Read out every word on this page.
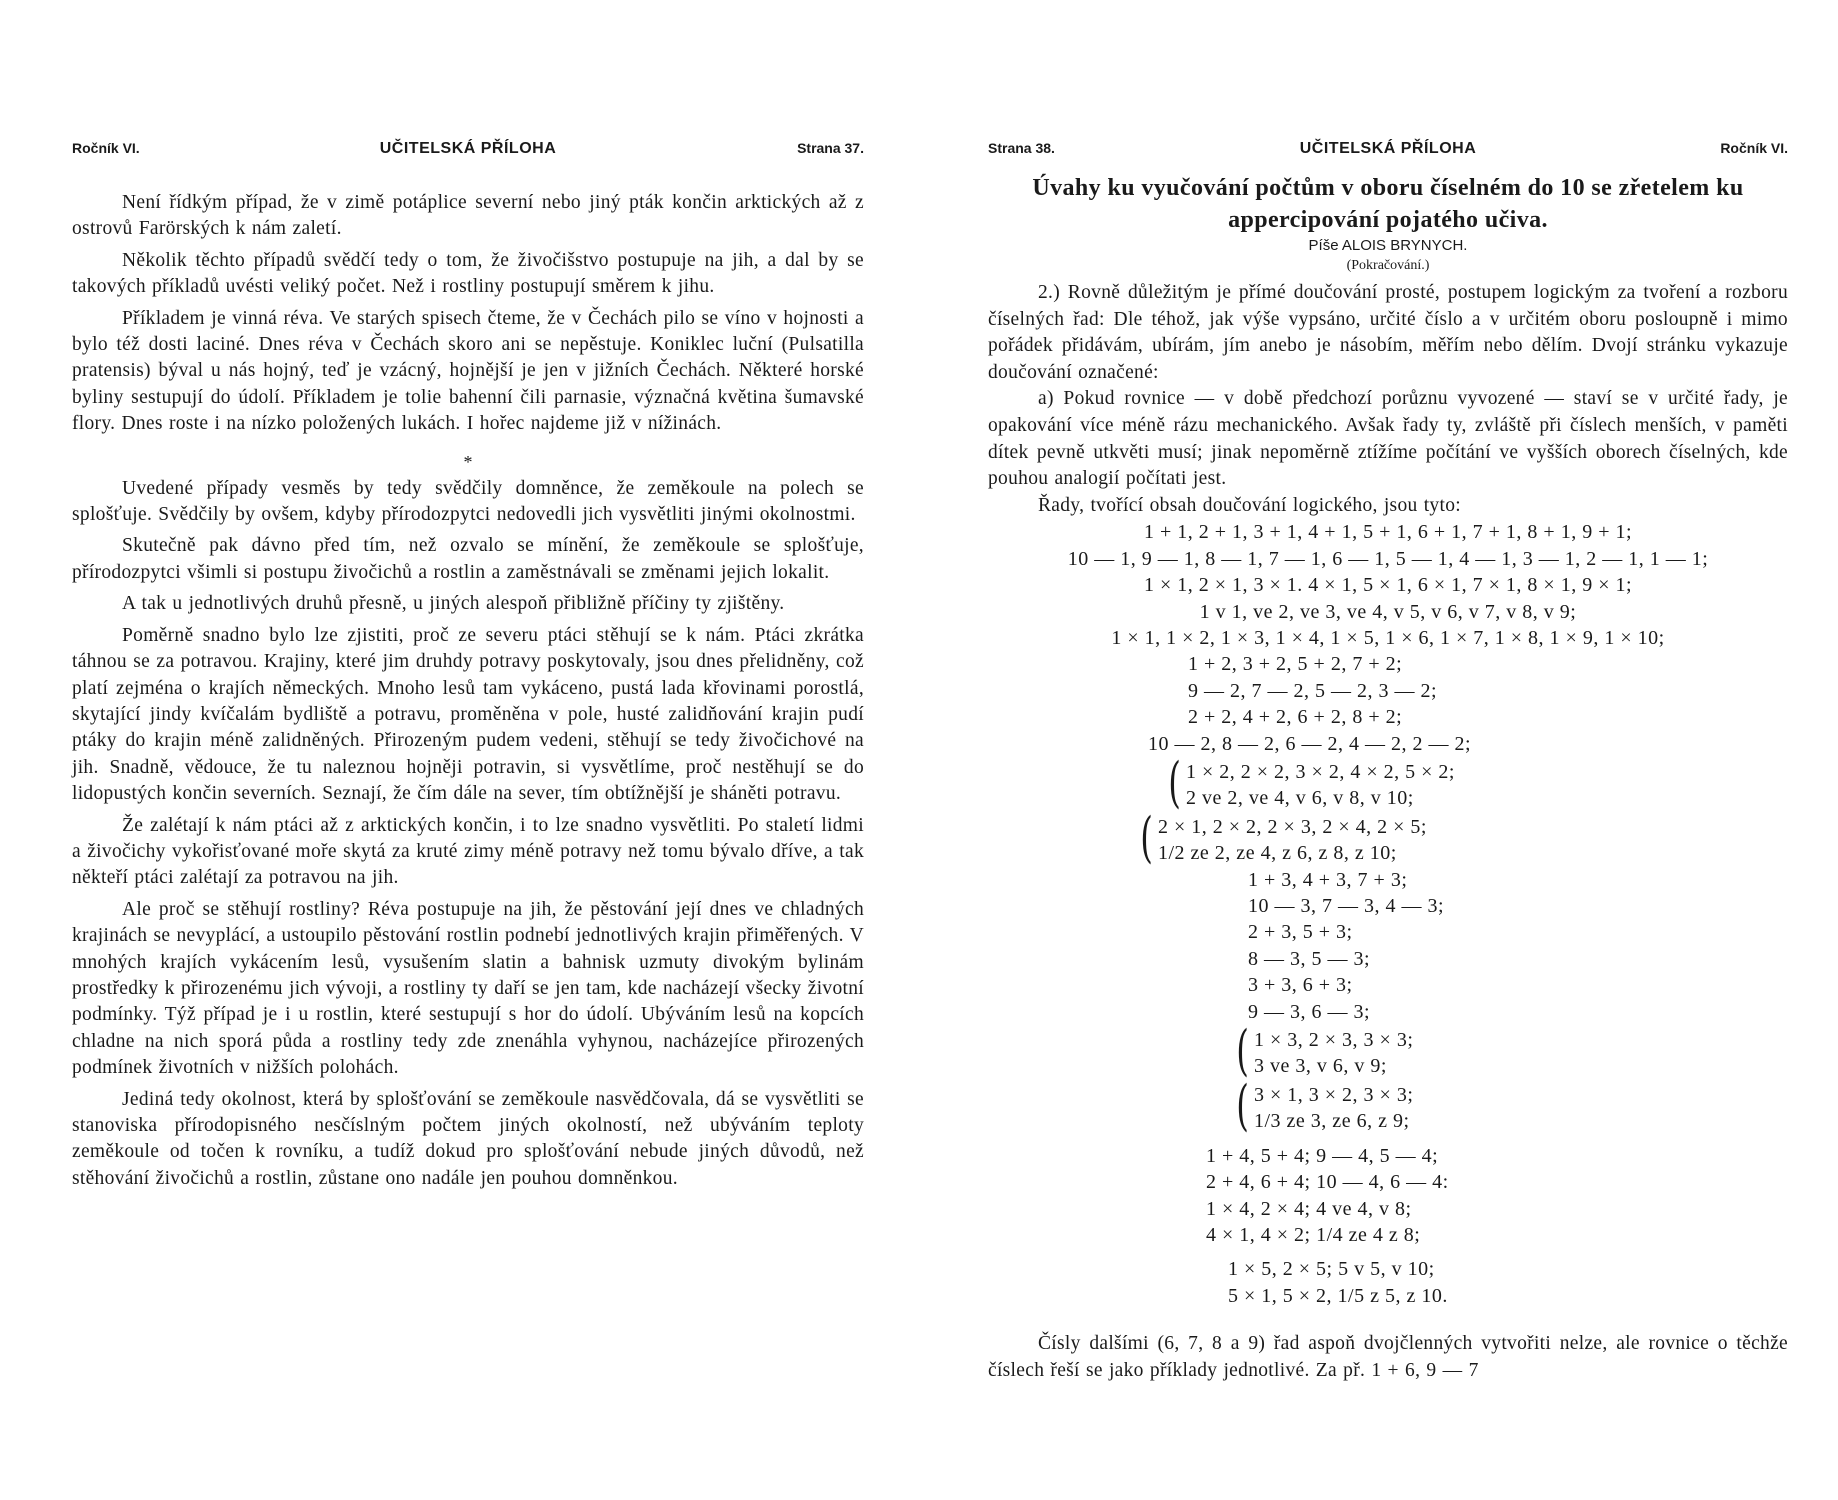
Ročník VI.	UČITELSKÁ PŘÍLOHA	Strana 37.

Není řídkým případ, že v zimě potáplice severní nebo jiný pták končin arktických až z ostrovů Farörských k nám zaletí.

Několik těchto případů svědčí tedy o tom, že živočišstvo postupuje na jih, a dal by se takových příkladů uvésti veliký počet. Než i rostliny postupují směrem k jihu.

Příkladem je vinná réva. Ve starých spisech čteme, že v Čechách pilo se víno v hojnosti a bylo též dosti laciné. Dnes réva v Čechách skoro ani se nepěstuje. Koniklec luční (Pulsatilla pratensis) býval u nás hojný, teď je vzácný, hojnější je jen v jižních Čechách. Některé horské byliny sestupují do údolí. Příkladem je tolie bahenní čili parnasie, význačná květina šumavské flory. Dnes roste i na nízko položených lukách. I hořec najdeme již v nížinách.

*

Uvedené případy vesměs by tedy svědčily domněnce, že zeměkoule na polech se splošťuje. Svědčily by ovšem, kdyby přírodozpytci nedovedli jich vysvětliti jinými okolnostmi.

Skutečně pak dávno před tím, než ozvalo se mínění, že zeměkoule se splošťuje, přírodozpytci všimli si postupu živočichů a rostlin a zaměstnávali se změnami jejich lokalit.

A tak u jednotlivých druhů přesně, u jiných alespoň přibližně příčiny ty zjištěny.

Poměrně snadno bylo lze zjistiti, proč ze severu ptáci stěhují se k nám. Ptáci zkrátka táhnou se za potravou. Krajiny, které jim druhdy potravy poskytovaly, jsou dnes přelidněny, což platí zejména o krajích německých. Mnoho lesů tam vykáceno, pustá lada křovinami porostlá, skytající jindy kvíčalám bydliště a potravu, proměněna v pole, husté zalidňování krajin pudí ptáky do krajin méně zalidněných. Přirozeným pudem vedeni, stěhují se tedy živočichové na jih. Snadně, vědouce, že tu naleznou hojněji potravin, si vysvětlíme, proč nestěhují se do lidopustých končin severních. Seznají, že čím dále na sever, tím obtížnější je sháněti potravu.

Že zalétají k nám ptáci až z arktických končin, i to lze snadno vysvětliti. Po staletí lidmi a živočichy vykořisťované moře skytá za kruté zimy méně potravy než tomu bývalo dříve, a tak někteří ptáci zalétají za potravou na jih.

Ale proč se stěhují rostliny? Réva postupuje na jih, že pěstování její dnes ve chladných krajinách se nevyplácí, a ustoupilo pěstování rostlin podnebí jednotlivých krajin přiměřených. V mnohých krajích vykácením lesů, vysušením slatin a bahnisk uzmuty divokým bylinám prostředky k přirozenému jich vývoji, a rostliny ty daří se jen tam, kde nacházejí všecky životní podmínky. Týž případ je i u rostlin, které sestupují s hor do údolí. Ubýváním lesů na kopcích chladne na nich sporá půda a rostliny tedy zde znenáhla vyhynou, nacházejíce přirozených podmínek životních v nižších polohách.

Jediná tedy okolnost, která by splošťování se zeměkoule nasvědčovala, dá se vysvětliti se stanoviska přírodopisného nesčíslným počtem jiných okolností, než ubýváním teploty zeměkoule od točen k rovníku, a tudíž dokud pro splošťování nebude jiných důvodů, než stěhování živočichů a rostlin, zůstane ono nadále jen pouhou domněnkou.

Strana 38.	UČITELSKÁ PŘÍLOHA	Ročník VI.
Úvahy ku vyučování počtům v oboru číselném do 10 se zřetelem ku appercipování pojatého učiva.
Píše ALOIS BRYNYCH.
(Pokračování.)

2.) Rovně důležitým je přímé doučování prosté, postupem logickým za tvoření a rozboru číselných řad: Dle téhož, jak výše vypsáno, určité číslo a v určitém oboru posloupně i mimo pořádek přidávám, ubírám, jím anebo je násobím, měřím nebo dělím. Dvojí stránku vykazuje doučování označené:

a) Pokud rovnice — v době předchozí porůznu vyvozené — staví se v určité řady, je opakování více méně rázu mechanického. Avšak řady ty, zvláště při číslech menších, v paměti dítek pevně utkvěti musí; jinak nepoměrně ztížíme počítání ve vyšších oborech číselných, kde pouhou analogií počítati jest.

Řady, tvořící obsah doučování logického, jsou tyto:

1 + 1, 2 + 1, 3 + 1, 4 + 1, 5 + 1, 6 + 1, 7 + 1, 8 + 1, 9 + 1;
10 — 1, 9 — 1, 8 — 1, 7 — 1, 6 — 1, 5 — 1, 4 — 1, 3 — 1, 2 — 1, 1 — 1;
1 × 1, 2 × 1, 3 × 1. 4 × 1, 5 × 1, 6 × 1, 7 × 1, 8 × 1, 9 × 1;
1 v 1, ve 2, ve 3, ve 4, v 5, v 6, v 7, v 8, v 9;
1 × 1, 1 × 2, 1 × 3, 1 × 4, 1 × 5, 1 × 6, 1 × 7, 1 × 8, 1 × 9, 1 × 10;
1 + 2, 3 + 2, 5 + 2, 7 + 2;
9 — 2, 7 — 2, 5 — 2, 3 — 2;
2 + 2, 4 + 2, 6 + 2, 8 + 2;
10 — 2, 8 — 2, 6 — 2, 4 — 2, 2 — 2;
( 1 × 2, 2 × 2, 3 × 2, 4 × 2, 5 × 2;
2 ve 2, ve 4, v 6, v 8, v 10;
( 2 × 1, 2 × 2, 2 × 3, 2 × 4, 2 × 5;
1/2 ze 2, ze 4, z 6, z 8, z 10;
1 + 3, 4 + 3, 7 + 3;
10 — 3, 7 — 3, 4 — 3;
2 + 3, 5 + 3;
8 — 3, 5 — 3;
3 + 3, 6 + 3;
9 — 3, 6 — 3;
( 1 × 3, 2 × 3, 3 × 3;
3 ve 3, v 6, v 9;
( 3 × 1, 3 × 2, 3 × 3;
1/3 ze 3, ze 6, z 9;
1 + 4, 5 + 4; 9 — 4, 5 — 4;
2 + 4, 6 + 4; 10 — 4, 6 — 4:
1 × 4, 2 × 4; 4 ve 4, v 8;
4 × 1, 4 × 2; 1/4 ze 4 z 8;
1 × 5, 2 × 5; 5 v 5, v 10;
5 × 1, 5 × 2, 1/5 z 5, z 10.

Čísly dalšími (6, 7, 8 a 9) řad aspoň dvojčlenných vytvořiti nelze, ale rovnice o těchže číslech řeší se jako příklady jednotlivé. Za př. 1 + 6, 9 — 7
